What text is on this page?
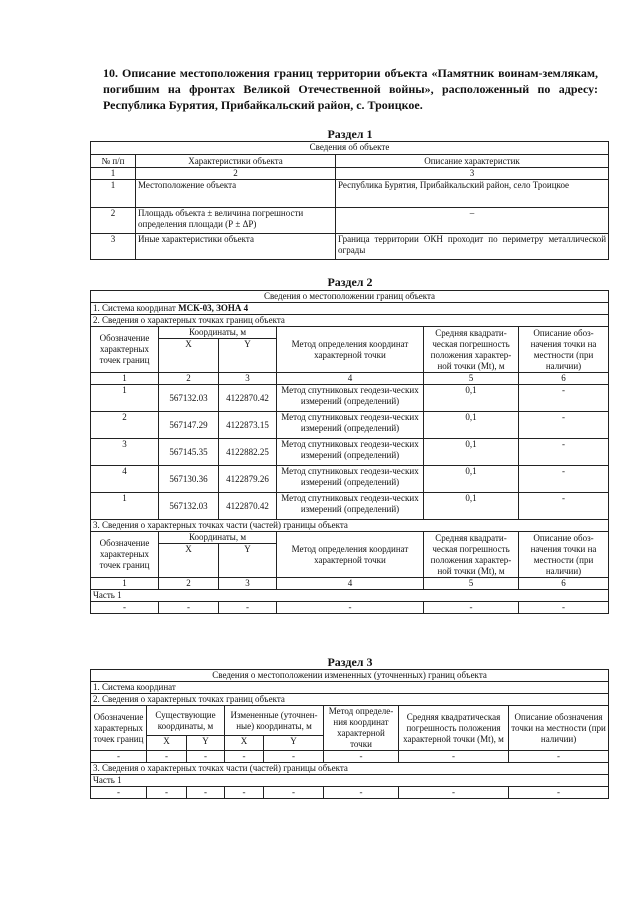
10. Описание местоположения границ территории объекта «Памятник воинам-землякам, погибшим на фронтах Великой Отечественной войны», расположенный по адресу: Республика Бурятия, Прибайкальский район, с. Троицкое.
Раздел 1
Сведения об объекте		
№ п/п	Характеристики объекта	Описание характеристик
1	2	3
1	Местоположение объекта	Республика Бурятия, Прибайкальский район, село Троицкое
2	Площадь объекта ± величина погрешности определения площади (Р ± ΔР)	–
3	Иные характеристики объекта	Граница территории ОКН проходит по периметру металлической ограды
Раздел 2
Сведения о местоположении границ объекта					
1. Система координат МСК-03, ЗОНА 4					
2. Сведения о характерных точках границ объекта					
Обозначение характерных точек границ	Координаты, м		Метод определения координат характерной точки	Средняя квадрати-ческая погрешность положения характер-ной точки (Mt), м	Описание обоз-начения точки на местности (при наличии)
	X	Y			

1	2	3	4	5	6
1	567132.03	4122870.42	Метод спутниковых геодези-ческих измерений (определений)	0,1	-
2	567147.29	4122873.15	Метод спутниковых геодези-ческих измерений (определений)	0,1	-
3	567145.35	4122882.25	Метод спутниковых геодези-ческих измерений (определений)	0,1	-
4	567130.36	4122879.26	Метод спутниковых геодези-ческих измерений (определений)	0,1	-
1	567132.03	4122870.42	Метод спутниковых геодези-ческих измерений (определений)	0,1	-
3. Сведения о характерных точках части (частей) границы объекта					
Обозначение характерных точек границ	Координаты, м		Метод определения координат характерной точки	Средняя квадрати-ческая погрешность положения характер-ной точки (Mt), м	Описание обоз-начения точки на местности (при наличии)
	X	Y			

1	2	3	4	5	6
Часть 1					
-	-	-	-	-	-
Раздел 3
Сведения о местоположении измененных (уточненных) границ объекта							
1. Система координат							
2. Сведения о характерных точках границ объекта							
Обозначение характерных точек границ	Существующие координаты, м		Измененные (уточнен-ные) координаты, м		Метод определе-ния координат характерной точки	Средняя квадратическая погрешность положения характерной точки (Mt), м	Описание обозначения точки на местности (при наличии)
	X	Y	X	Y			
-	-	-	-	-	-	-	-
3. Сведения о характерных точках части (частей) границы объекта							
Часть 1							
-	-	-	-	-	-	-	-
